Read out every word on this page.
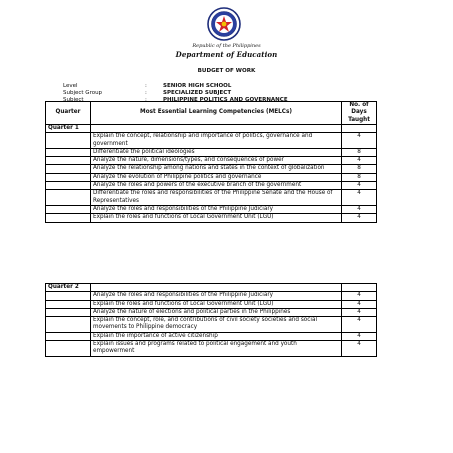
Republic of the Philippines
Department of Education
BUDGET OF WORK
Level	:	SENIOR HIGH SCHOOL
Subject Group	:	SPECIALIZED SUBJECT
Subject	:	PHILIPPINE POLITICS AND GOVERNANCE
Quarter	Most Essential Learning Competencies (MELCs)	No. of Days Taught
Quarter 1		
	Explain the concept, relationship and importance of politics, governance and government	4
	Differentiate the political ideologies	8
	Analyze the nature, dimensions/types, and consequences of power	4
	Analyze the relationship among nations and states in the context of globalization	8
	Analyze the evolution of Philippine politics and governance	8
	Analyze the roles and powers of the executive branch of the government	4
	Differentiate the roles and responsibilities of the Philippine Senate and the House of Representatives	4
	Analyze the roles and responsibilities of the Philippine Judiciary	4
	Explain the roles and functions of Local Government Unit (LGU)	4
Quarter 2		
	Analyze the roles and responsibilities of the Philippine Judiciary	4
	Explain the roles and functions of Local Government Unit (LGU)	4
	Analyze the nature of elections and political parties in the Philippines	4
	Explain the concept, role, and contributions of civil society societies and social movements to Philippine democracy	4
	Explain the importance of active citizenship	4
	Explain issues and programs related to political engagement and youth empowerment	4
